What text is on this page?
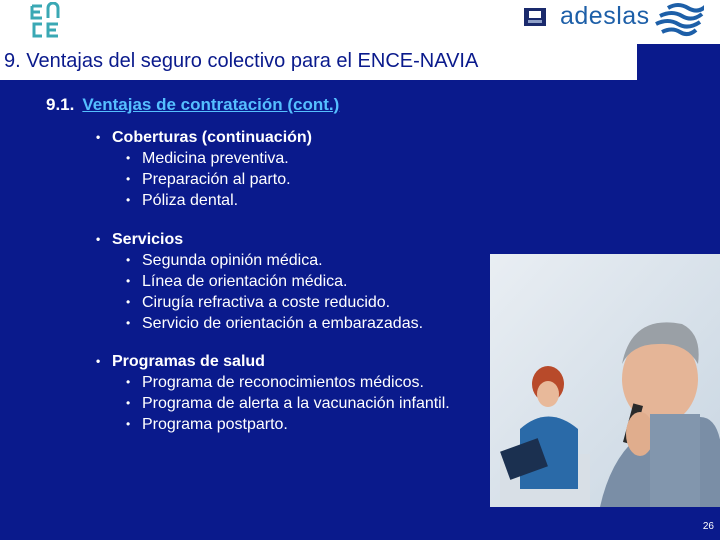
adeslas
9. Ventajas del seguro colectivo para el ENCE-NAVIA
9.1. Ventajas de contratación (cont.)
• Coberturas (continuación)
• Medicina preventiva.
• Preparación al parto.
• Póliza dental.
• Servicios
• Segunda opinión médica.
• Línea de orientación médica.
• Cirugía refractiva a coste reducido.
• Servicio de orientación a embarazadas.
• Programas de salud
• Programa de reconocimientos médicos.
• Programa de alerta a la vacunación infantil.
• Programa postparto.
26
